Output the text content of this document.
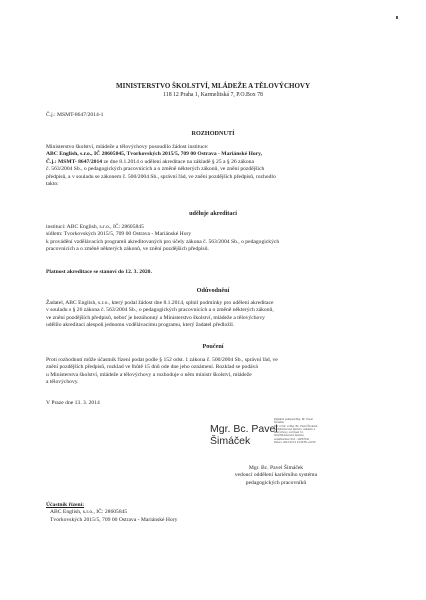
MINISTERSTVO ŠKOLSTVÍ, MLÁDEŽE A TĚLOVÝCHOVY
118 12 Praha 1, Karmelitská 7, P.O.Box 78
Č.j.: MSMT-8647/2014-1
ROZHODNUTÍ
Ministerstvo školství, mládeže a tělovýchovy posoudilo žádost instituce:
ABC English, s.r.o., IČ 28605845, Tvorkovských 2015/5, 709 00 Ostrava - Mariánské Hory,
Č.j.: MSMT- 8647/2014 ze dne 8.1.2014 o udělení akreditace na základě § 25 a § 26 zákona
č. 563/2004 Sb., o pedagogických pracovnících a o změně některých zákonů, ve znění pozdějších
předpisů, a v souladu se zákonem č. 500/2004 Sb., správní řád, ve znění pozdějších předpisů, rozhodlo
takto:
uděluje akreditaci
instituci: ABC English, s.r.o., IČ: 28605845
sídlem: Tvorkovských 2015/5, 709 00 Ostrava - Mariánské Hory
k provádění vzdělávacích programů akreditovaných pro účely zákona č. 563/2004 Sb., o pedagogických
pracovnících a o změně některých zákonů, ve znění pozdějších předpisů.
Platnost akreditace se stanoví do 12. 3. 2020.
Odůvodnění
Žadatel, ABC English, s.r.o., který podal žádost dne 8.1.2014, splnil podmínky pro udělení akreditace
v souladu s § 26 zákona č. 563/2004 Sb., o pedagogických pracovnících a o změně některých zákonů,
ve znění pozdějších předpisů, neboť je bezúhonný a Ministerstvo školství, mládeže a tělovýchovy
udělilo akreditaci alespoň jednomu vzdělávacímu programu, který žadatel předložil.
Poučení
Proti rozhodnutí může účastník řízení podat podle § 152 odst. 1 zákona č. 500/2004 Sb., správní řád, ve
znění pozdějších předpisů, rozklad ve lhůtě 15 dnů ode dne jeho oznámení. Rozklad se podává
u Ministerstva školství, mládeže a tělovýchovy a rozhoduje o něm ministr školství, mládeže
a tělovýchovy.
V Praze dne 13. 3. 2014
Mgr. Bc. Pavel
Šimáček
Digitálně podepsal Mgr. Bc. Pavel
Šimáček
DN: c=CZ, o=Mgr. Bc. Pavel Šimáček,
ou=Ministerstvo školství, mládeže a
tělovýchovy, ou=Úsek ř.2,
dnQ=Ministerstvo školství,
serialNumber=ICA - 10257044
Datum: 2014.03.13 13:39:59 +01'00'
Mgr. Bc. Pavel Šimáček
vedoucí oddělení kariérního systému
pedagogických pracovníků
Účastník řízení:
ABC English, s.r.o., IČ: 28605845
Tvorkovských 2015/5, 709 00 Ostrava - Mariánské Hory
